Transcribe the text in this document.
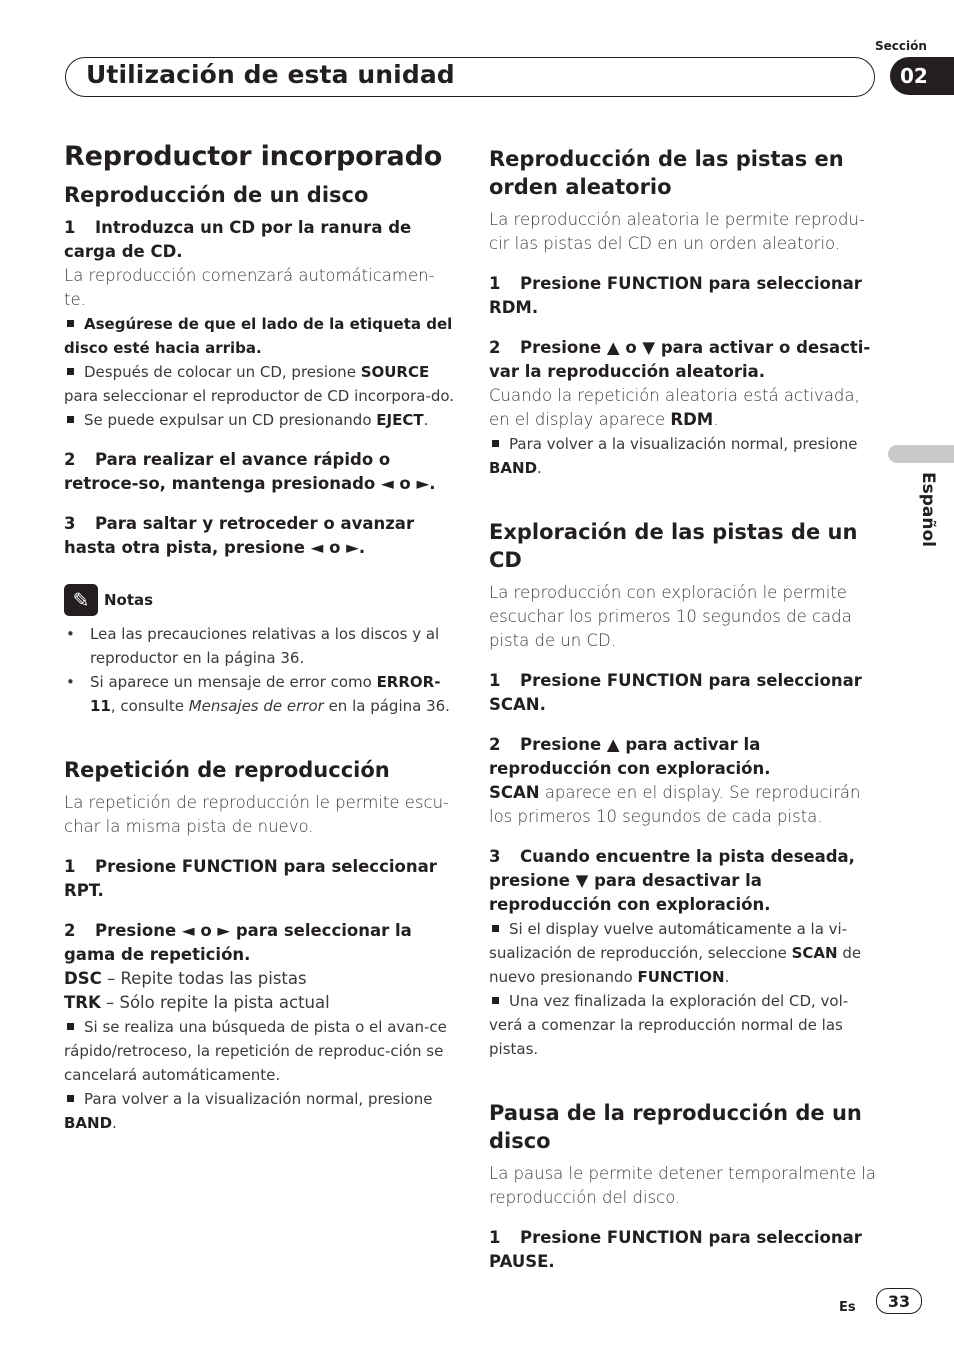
Utilización de esta unidad
Sección
02
Español
Reproductor incorporado
Reproducción de un disco

1 Introduzca un CD por la ranura de carga de CD.

La reproducción comenzará automáticamen-te.

Asegúrese de que el lado de la etiqueta del disco esté hacia arriba.

Después de colocar un CD, presione SOURCE para seleccionar el reproductor de CD incorpora-do.

Se puede expulsar un CD presionando EJECT.

2 Para realizar el avance rápido o retroce-so, mantenga presionado ◄ o ►.

3 Para saltar y retroceder o avanzar hasta otra pista, presione ◄ o ►.

✎ Notas
• Lea las precauciones relativas a los discos y al reproductor en la página 36.
• Si aparece un mensaje de error como ERROR-11, consulte Mensajes de error en la página 36.
Repetición de reproducción

La repetición de reproducción le permite escu-char la misma pista de nuevo.

1 Presione FUNCTION para seleccionar RPT.

2 Presione ◄ o ► para seleccionar la gama de repetición.

DSC – Repite todas las pistas
TRK – Sólo repite la pista actual

Si se realiza una búsqueda de pista o el avan-ce rápido/retroceso, la repetición de reproduc-ción se cancelará automáticamente.

Para volver a la visualización normal, presione BAND.

Reproducción de las pistas en orden aleatorio

La reproducción aleatoria le permite reprodu-cir las pistas del CD en un orden aleatorio.

1 Presione FUNCTION para seleccionar RDM.

2 Presione ▲ o ▼ para activar o desacti-var la reproducción aleatoria.

Cuando la repetición aleatoria está activada, en el display aparece RDM.

Para volver a la visualización normal, presione BAND.

Exploración de las pistas de un CD

La reproducción con exploración le permite escuchar los primeros 10 segundos de cada pista de un CD.

1 Presione FUNCTION para seleccionar SCAN.

2 Presione ▲ para activar la reproducción con exploración.

SCAN aparece en el display. Se reproducirán los primeros 10 segundos de cada pista.

3 Cuando encuentre la pista deseada, presione ▼ para desactivar la reproducción con exploración.

Si el display vuelve automáticamente a la vi-sualización de reproducción, seleccione SCAN de nuevo presionando FUNCTION.

Una vez finalizada la exploración del CD, vol-verá a comenzar la reproducción normal de las pistas.

Pausa de la reproducción de un disco

La pausa le permite detener temporalmente la reproducción del disco.

1 Presione FUNCTION para seleccionar PAUSE.

Es	33
